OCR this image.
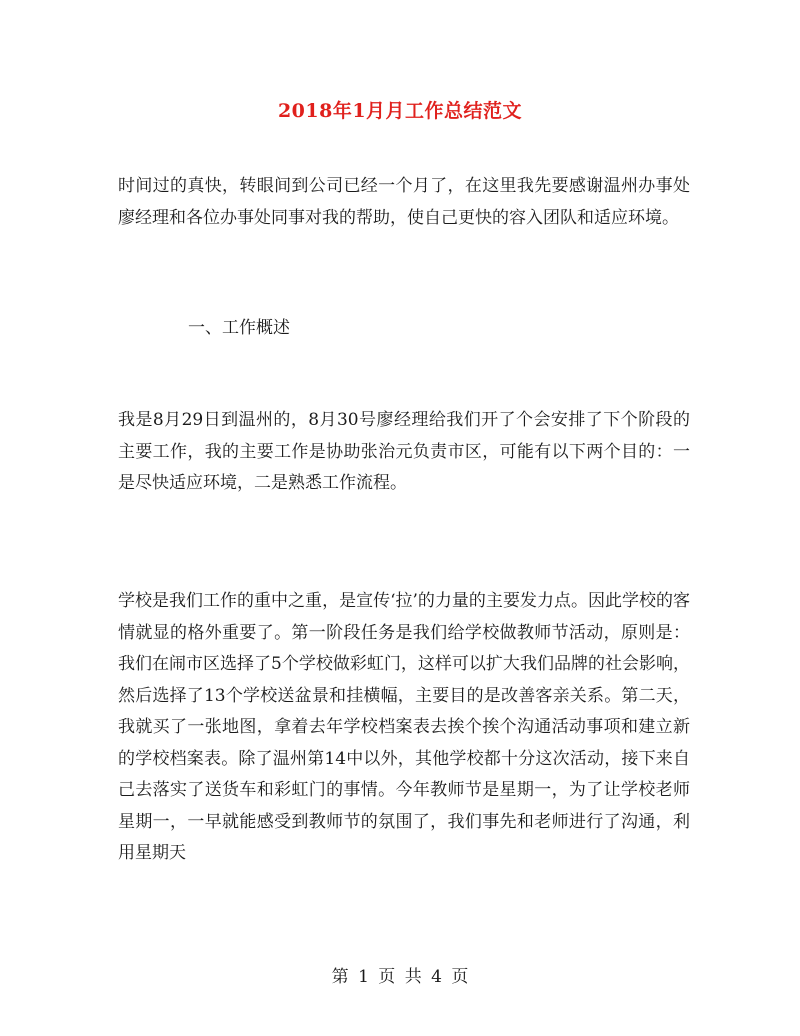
2018年1月月工作总结范文
时间过的真快，转眼间到公司已经一个月了，在这里我先要感谢温州办事处廖经理和各位办事处同事对我的帮助，使自己更快的容入团队和适应环境。
一、工作概述
我是8月29日到温州的，8月30号廖经理给我们开了个会安排了下个阶段的主要工作，我的主要工作是协助张治元负责市区，可能有以下两个目的：一是尽快适应环境，二是熟悉工作流程。
学校是我们工作的重中之重，是宣传‘拉’的力量的主要发力点。因此学校的客情就显的格外重要了。第一阶段任务是我们给学校做教师节活动，原则是：我们在闹市区选择了5个学校做彩虹门，这样可以扩大我们品牌的社会影响，然后选择了13个学校送盆景和挂横幅，主要目的是改善客亲关系。第二天，我就买了一张地图，拿着去年学校档案表去挨个挨个沟通活动事项和建立新的学校档案表。除了温州第14中以外，其他学校都十分这次活动，接下来自己去落实了送货车和彩虹门的事情。今年教师节是星期一，为了让学校老师星期一，一早就能感受到教师节的氛围了，我们事先和老师进行了沟通，利用星期天
第 1 页 共 4 页
